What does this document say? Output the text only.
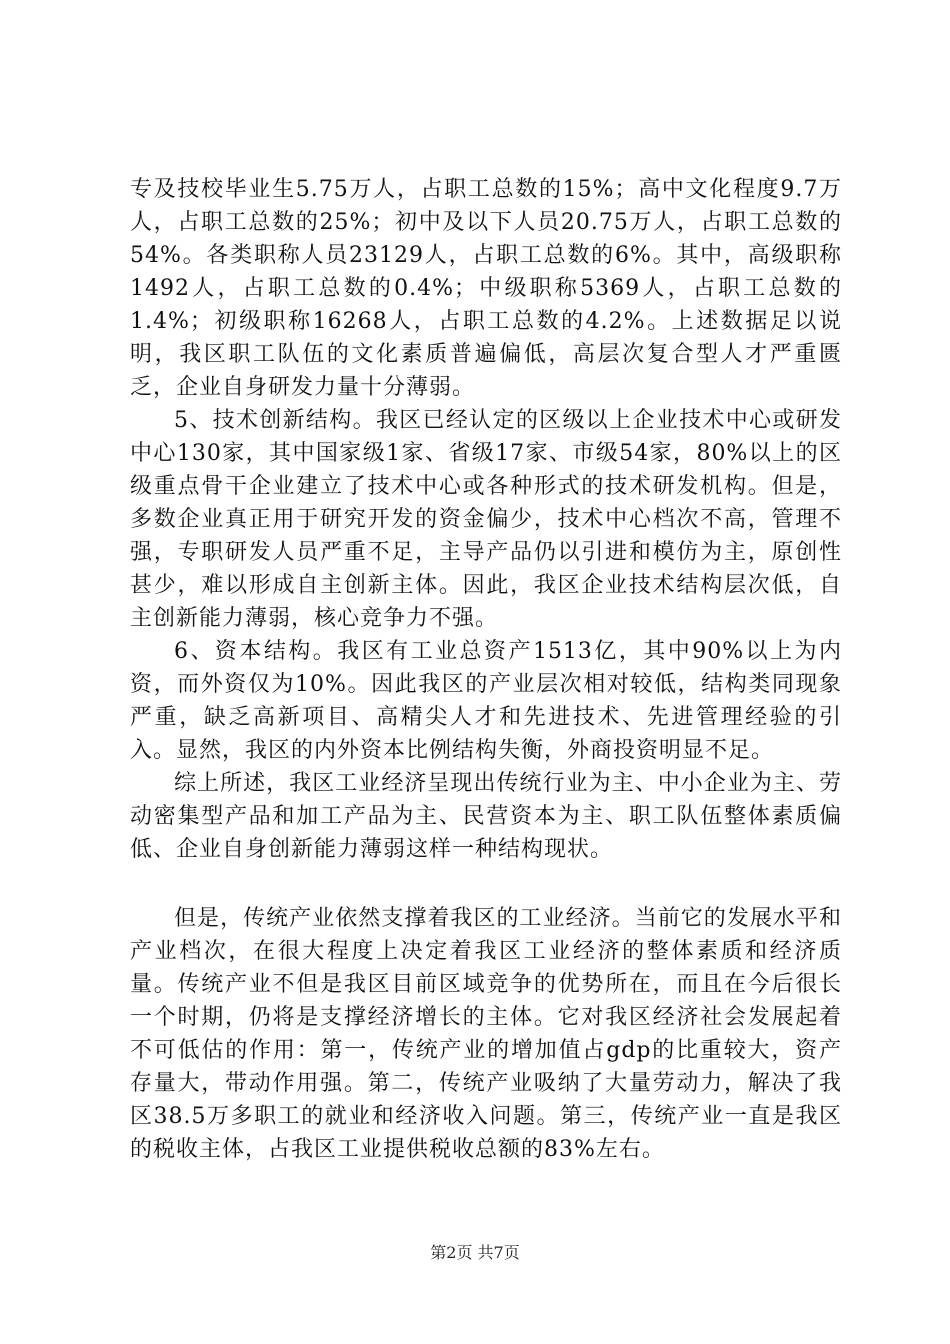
专及技校毕业生5.75万人，占职工总数的15%；高中文化程度9.7万人，占职工总数的25%；初中及以下人员20.75万人，占职工总数的54%。各类职称人员23129人，占职工总数的6%。其中，高级职称1492人，占职工总数的0.4%；中级职称5369人，占职工总数的1.4%；初级职称16268人，占职工总数的4.2%。上述数据足以说明，我区职工队伍的文化素质普遍偏低，高层次复合型人才严重匮乏，企业自身研发力量十分薄弱。

5、技术创新结构。我区已经认定的区级以上企业技术中心或研发中心130家，其中国家级1家、省级17家、市级54家，80%以上的区级重点骨干企业建立了技术中心或各种形式的技术研发机构。但是，多数企业真正用于研究开发的资金偏少，技术中心档次不高，管理不强，专职研发人员严重不足，主导产品仍以引进和模仿为主，原创性甚少，难以形成自主创新主体。因此，我区企业技术结构层次低，自主创新能力薄弱，核心竞争力不强。

6、资本结构。我区有工业总资产1513亿，其中90%以上为内资，而外资仅为10%。因此我区的产业层次相对较低，结构类同现象严重，缺乏高新项目、高精尖人才和先进技术、先进管理经验的引入。显然，我区的内外资本比例结构失衡，外商投资明显不足。

综上所述，我区工业经济呈现出传统行业为主、中小企业为主、劳动密集型产品和加工产品为主、民营资本为主、职工队伍整体素质偏低、企业自身创新能力薄弱这样一种结构现状。

但是，传统产业依然支撑着我区的工业经济。当前它的发展水平和产业档次，在很大程度上决定着我区工业经济的整体素质和经济质量。传统产业不但是我区目前区域竞争的优势所在，而且在今后很长一个时期，仍将是支撑经济增长的主体。它对我区经济社会发展起着不可低估的作用：第一，传统产业的增加值占gdp的比重较大，资产存量大，带动作用强。第二，传统产业吸纳了大量劳动力，解决了我区38.5万多职工的就业和经济收入问题。第三，传统产业一直是我区的税收主体，占我区工业提供税收总额的83%左右。

第2页 共7页
